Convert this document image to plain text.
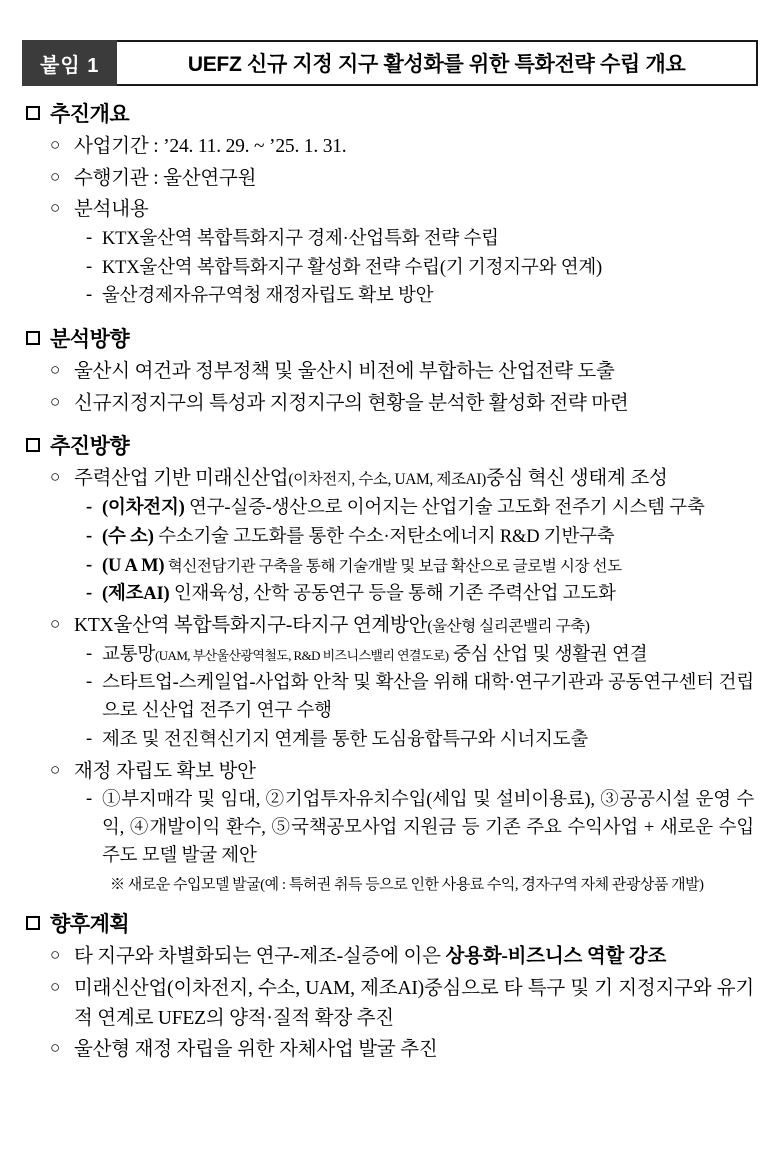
붙임 1	UEFZ 신규 지정 지구 활성화를 위한 특화전략 수립 개요
추진개요
○ 사업기간 : ’24. 11. 29. ~ ’25. 1. 31.
○ 수행기관 : 울산연구원
○ 분석내용
- KTX울산역 복합특화지구 경제·산업특화 전략 수립
- KTX울산역 복합특화지구 활성화 전략 수립(기 기정지구와 연계)
- 울산경제자유구역청 재정자립도 확보 방안
분석방향
○ 울산시 여건과 정부정책 및 울산시 비전에 부합하는 산업전략 도출
○ 신규지정지구의 특성과 지정지구의 현황을 분석한 활성화 전략 마련
추진방향
○ 주력산업 기반 미래신산업(이차전지, 수소, UAM, 제조AI)중심 혁신 생태계 조성
- (이차전지) 연구-실증-생산으로 이어지는 산업기술 고도화 전주기 시스템 구축
- (수 소) 수소기술 고도화를 통한 수소·저탄소에너지 R&D 기반구축
- (U A M) 혁신전담기관 구축을 통해 기술개발 및 보급 확산으로 글로벌 시장 선도
- (제조AI) 인재육성, 산학 공동연구 등을 통해 기존 주력산업 고도화
○ KTX울산역 복합특화지구-타지구 연계방안(울산형 실리콘밸리 구축)
- 교통망(UAM, 부산울산광역철도, R&D 비즈니스밸리 연결도로) 중심 산업 및 생활권 연결
- 스타트업-스케일업-사업화 안착 및 확산을 위해 대학·연구기관과 공동연구센터 건립으로 신산업 전주기 연구 수행
- 제조 및 전진혁신기지 연계를 통한 도심융합특구와 시너지도출
○ 재정 자립도 확보 방안
- ①부지매각 및 임대, ②기업투자유치수입(세입 및 설비이용료), ③공공시설 운영 수익, ④개발이익 환수, ⑤국책공모사업 지원금 등 기존 주요 수익사업 + 새로운 수입주도 모델 발굴 제안
※ 새로운 수입모델 발굴(예 : 특허권 취득 등으로 인한 사용료 수익, 경자구역 자체 관광상품 개발)
향후계획
○ 타 지구와 차별화되는 연구-제조-실증에 이은 상용화-비즈니스 역할 강조
○ 미래신산업(이차전지, 수소, UAM, 제조AI)중심으로 타 특구 및 기 지정지구와 유기적 연계로 UFEZ의 양적·질적 확장 추진
○ 울산형 재정 자립을 위한 자체사업 발굴 추진
